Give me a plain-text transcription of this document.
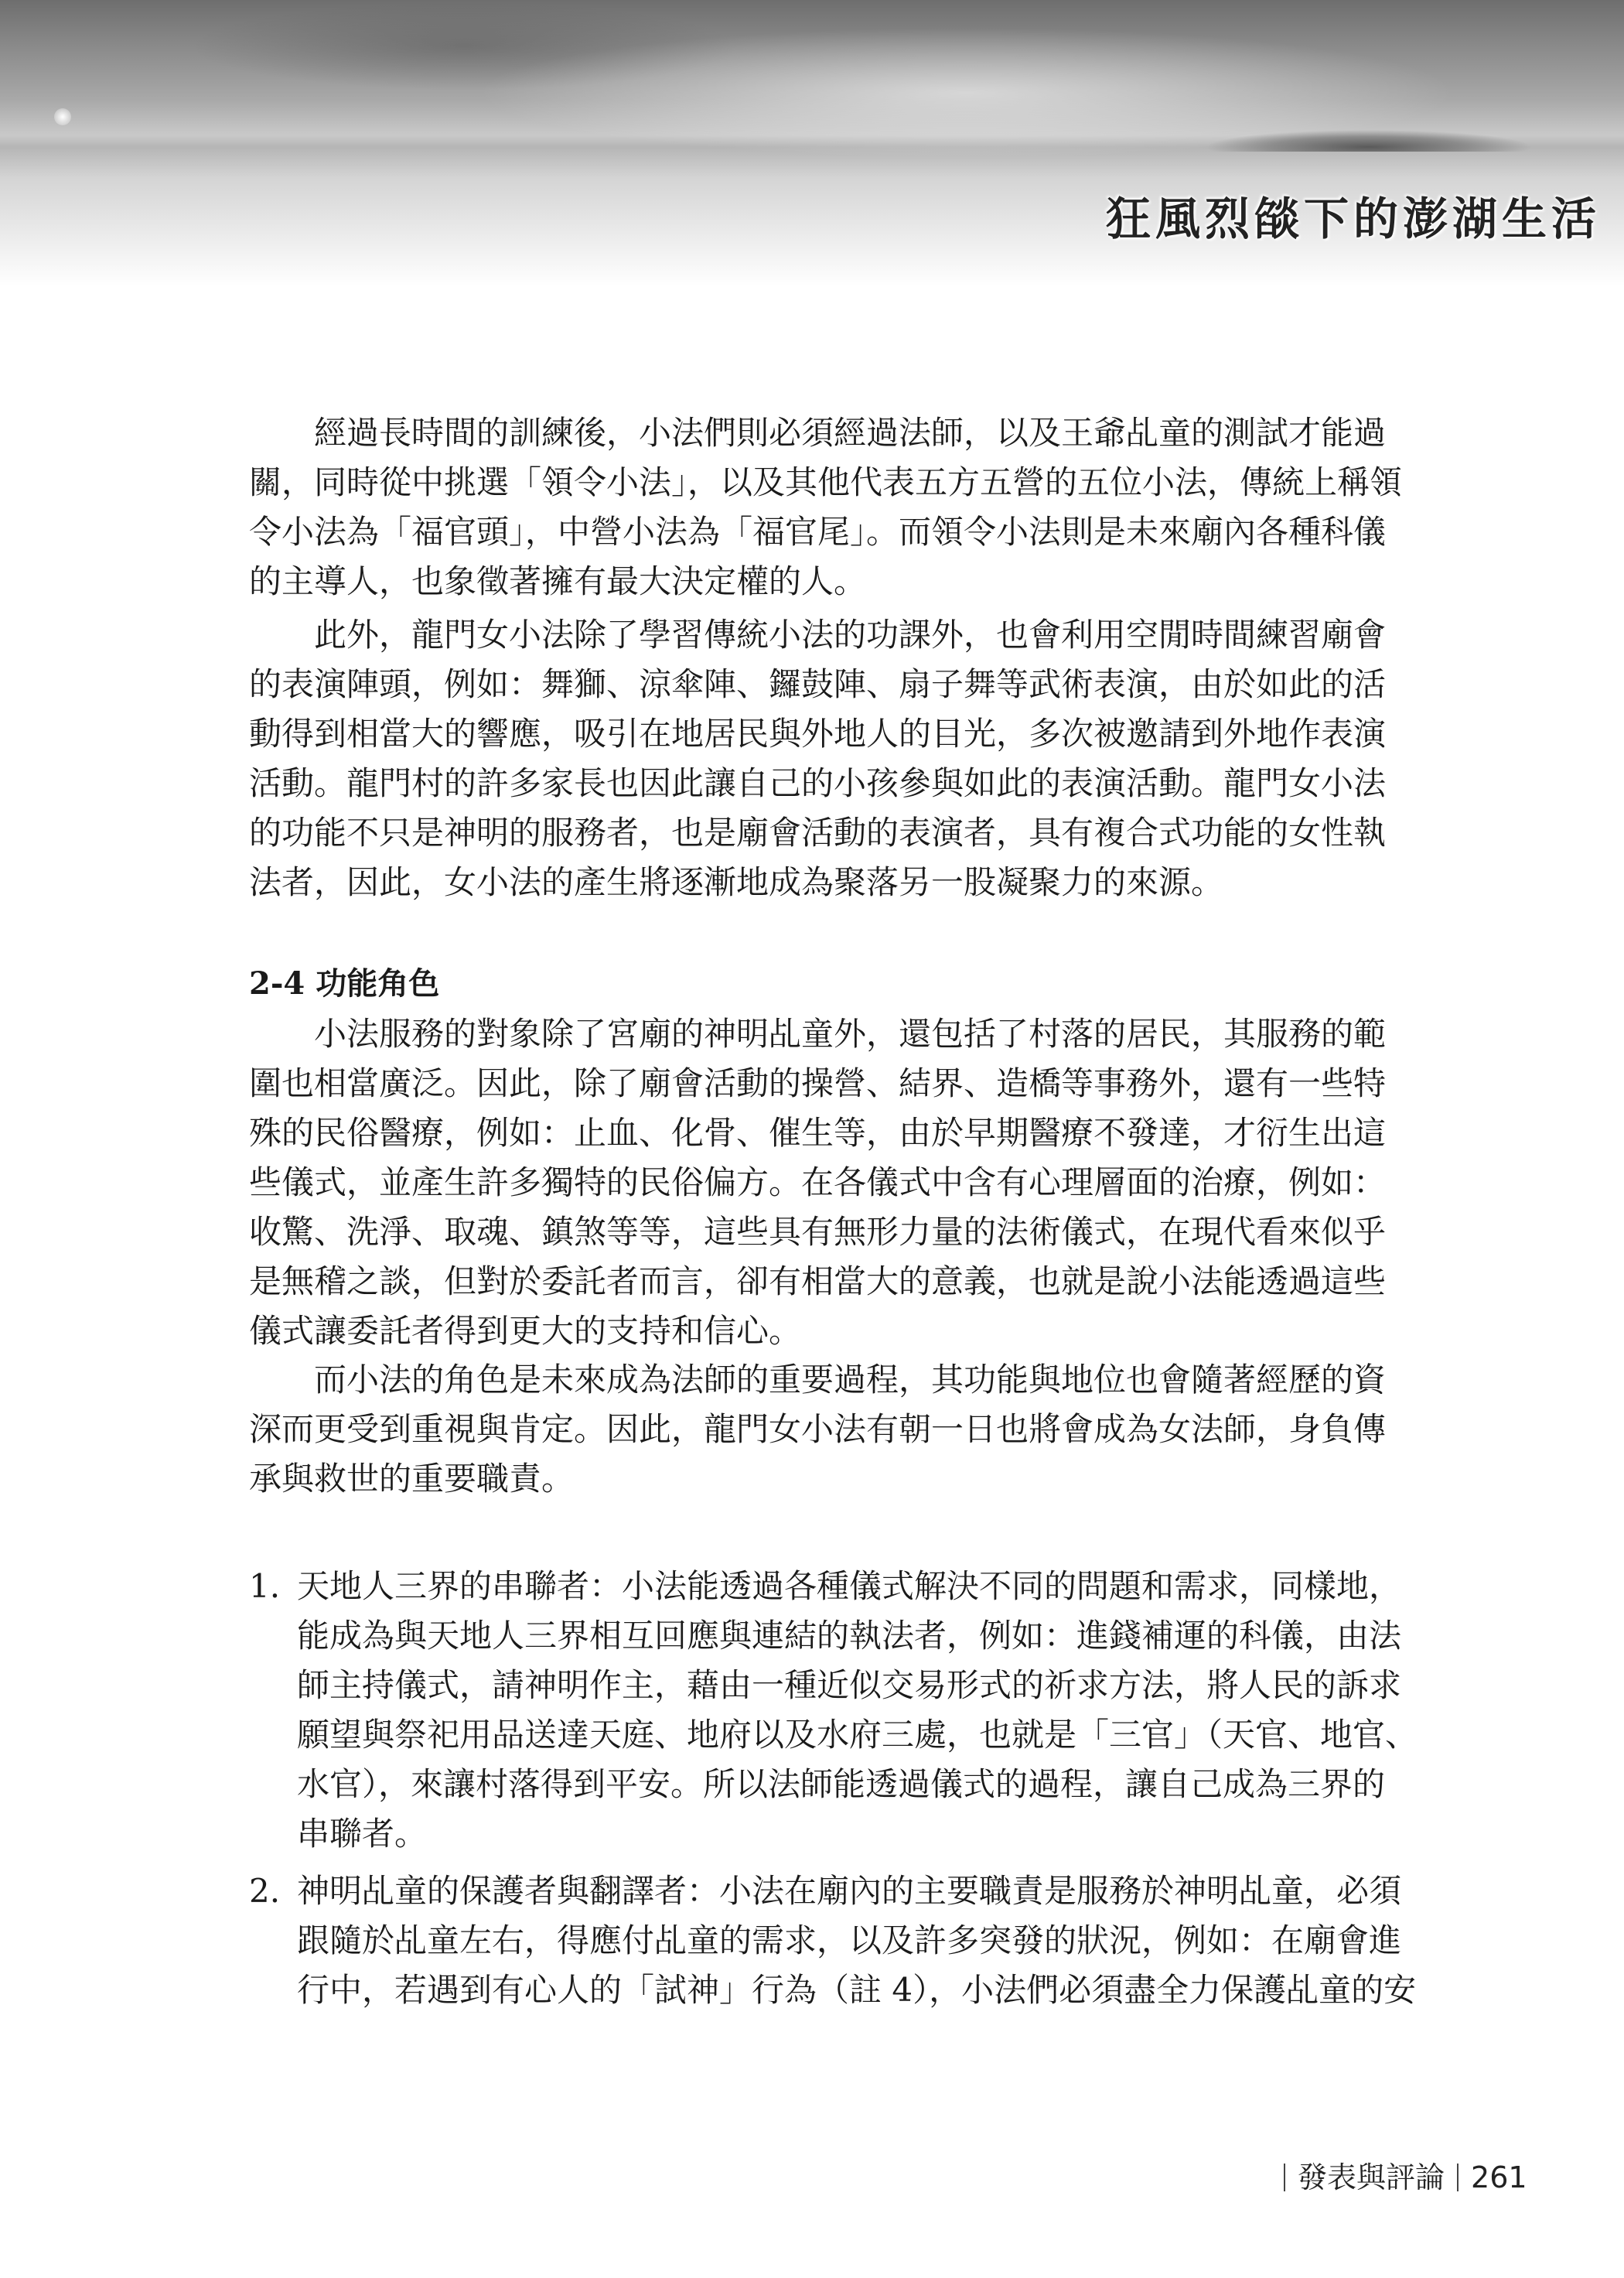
狂風烈燄下的澎湖生活
經過長時間的訓練後，小法們則必須經過法師，以及王爺乩童的測試才能過
關，同時從中挑選「領令小法」，以及其他代表五方五營的五位小法，傳統上稱領
令小法為「福官頭」，中營小法為「福官尾」。而領令小法則是未來廟內各種科儀
的主導人，也象徵著擁有最大決定權的人。
此外，龍門女小法除了學習傳統小法的功課外，也會利用空閒時間練習廟會
的表演陣頭，例如：舞獅、涼傘陣、鑼鼓陣、扇子舞等武術表演，由於如此的活
動得到相當大的響應，吸引在地居民與外地人的目光，多次被邀請到外地作表演
活動。龍門村的許多家長也因此讓自己的小孩參與如此的表演活動。龍門女小法
的功能不只是神明的服務者，也是廟會活動的表演者，具有複合式功能的女性執
法者，因此，女小法的產生將逐漸地成為聚落另一股凝聚力的來源。
2-4 功能角色
小法服務的對象除了宮廟的神明乩童外，還包括了村落的居民，其服務的範
圍也相當廣泛。因此，除了廟會活動的操營、結界、造橋等事務外，還有一些特
殊的民俗醫療，例如：止血、化骨、催生等，由於早期醫療不發達，才衍生出這
些儀式，並產生許多獨特的民俗偏方。在各儀式中含有心理層面的治療，例如：
收驚、洗淨、取魂、鎮煞等等，這些具有無形力量的法術儀式，在現代看來似乎
是無稽之談，但對於委託者而言，卻有相當大的意義，也就是說小法能透過這些
儀式讓委託者得到更大的支持和信心。
而小法的角色是未來成為法師的重要過程，其功能與地位也會隨著經歷的資
深而更受到重視與肯定。因此，龍門女小法有朝一日也將會成為女法師，身負傳
承與救世的重要職責。
1. 天地人三界的串聯者：小法能透過各種儀式解決不同的問題和需求，同樣地，
能成為與天地人三界相互回應與連結的執法者，例如：進錢補運的科儀，由法
師主持儀式，請神明作主，藉由一種近似交易形式的祈求方法，將人民的訴求
願望與祭祀用品送達天庭、地府以及水府三處，也就是「三官」（天官、地官、
水官），來讓村落得到平安。所以法師能透過儀式的過程，讓自己成為三界的
串聯者。
2. 神明乩童的保護者與翻譯者：小法在廟內的主要職責是服務於神明乩童，必須
跟隨於乩童左右，得應付乩童的需求，以及許多突發的狀況，例如：在廟會進
行中，若遇到有心人的「試神」行為（註 4），小法們必須盡全力保護乩童的安
發表與評論 261
